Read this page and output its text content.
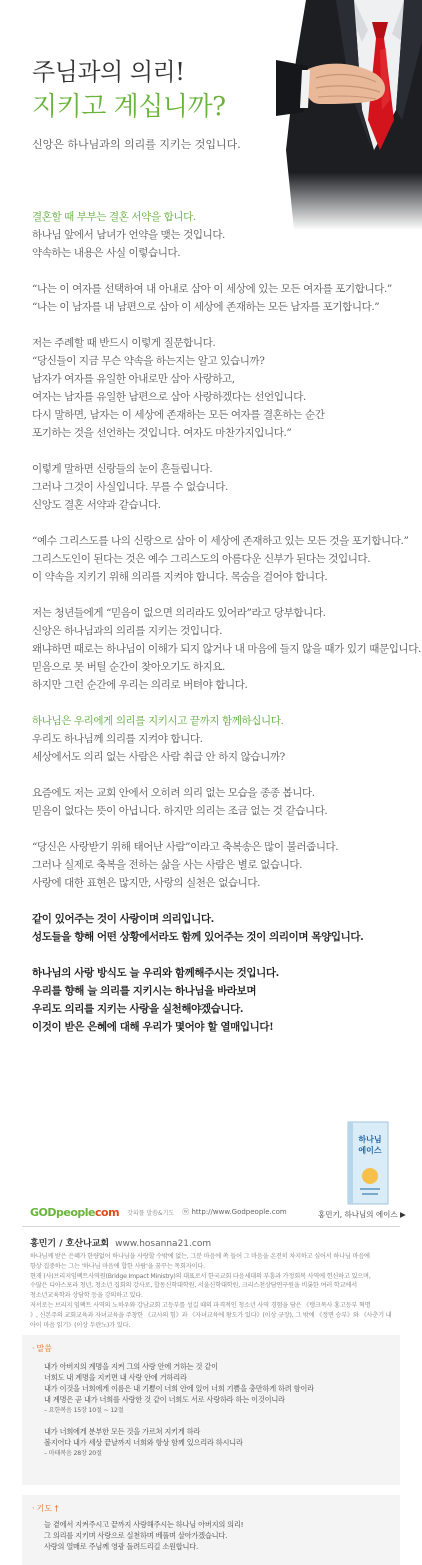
주님과의 의리!
지키고 계십니까?
신앙은 하나님과의 의리를 지키는 것입니다.

결혼할 때 부부는 결혼 서약을 합니다.
하나님 앞에서 남녀가 언약을 맺는 것입니다.
약속하는 내용은 사실 이렇습니다.

“나는 이 여자를 선택하여 내 아내로 삼아 이 세상에 있는 모든 여자를 포기합니다.”
“나는 이 남자를 내 남편으로 삼아 이 세상에 존재하는 모든 남자를 포기합니다.”

저는 주례할 때 반드시 이렇게 질문합니다.
“당신들이 지금 무슨 약속을 하는지는 알고 있습니까?
남자가 여자를 유일한 아내로만 삼아 사랑하고,
여자는 남자를 유일한 남편으로 삼아 사랑하겠다는 선언입니다.
다시 말하면, 남자는 이 세상에 존재하는 모든 여자를 결혼하는 순간
포기하는 것을 선언하는 것입니다. 여자도 마찬가지입니다.”

이렇게 말하면 신랑들의 눈이 흔들립니다.
그러나 그것이 사실입니다. 무를 수 없습니다.
신앙도 결혼 서약과 같습니다.

“예수 그리스도를 나의 신랑으로 삼아 이 세상에 존재하고 있는 모든 것을 포기합니다.”
그리스도인이 된다는 것은 예수 그리스도의 아름다운 신부가 된다는 것입니다.
이 약속을 지키기 위해 의리를 지켜야 합니다. 목숨을 걸어야 합니다.

저는 청년들에게 “믿음이 없으면 의리라도 있어라”라고 당부합니다.
신앙은 하나님과의 의리를 지키는 것입니다.
왜냐하면 때로는 하나님이 이해가 되지 않거나 내 마음에 들지 않을 때가 있기 때문입니다.
믿음으로 못 버틸 순간이 찾아오기도 하지요.
하지만 그런 순간에 우리는 의리로 버텨야 합니다.

하나님은 우리에게 의리를 지키시고 끝까지 함께하십니다.
우리도 하나님께 의리를 지켜야 합니다.
세상에서도 의리 없는 사람은 사람 취급 안 하지 않습니까?

요즘에도 저는 교회 안에서 오히려 의리 없는 모습을 종종 봅니다.
믿음이 없다는 뜻이 아닙니다. 하지만 의리는 조금 없는 것 같습니다.

“당신은 사랑받기 위해 태어난 사람”이라고 축복송은 많이 불러줍니다.
그러나 실제로 축복을 전하는 삶을 사는 사람은 별로 없습니다.
사랑에 대한 표현은 많지만, 사랑의 실천은 없습니다.

같이 있어주는 것이 사랑이며 의리입니다.
성도들을 향해 어떤 상황에서라도 함께 있어주는 것이 의리이며 목양입니다.

하나님의 사랑 방식도 늘 우리와 함께해주시는 것입니다.
우리를 향해 늘 의리를 지키시는 하나님을 바라보며
우리도 의리를 지키는 사랑을 실천해야겠습니다.
이것이 받은 은혜에 대해 우리가 몇어야 할 열매입니다!

하나님
에이스
홍민기, 하나님의 에이스 ▶
GODpeoplecom 갓피플 말씀&기도 ⓦ http://www.Godpeople.com
홍민기 / 호산나교회 www.hosanna21.com
하나님께 받은 은혜가 한량없어 하나님을 사랑할 수밖에 없는, 그분 마음에 쏙 들어 그 마음을 온전히 차지하고 싶어서 하나님 마음에
항상 집중하는 그는 '하나님 마음에 합한 사람'을 꿈꾸는 목회자이다.
현재 (사)브리지임팩트사역원(Bridge Impact Ministry)의 대표로서 한국교회 다음세대의 부흥과 가정회복 사역에 헌신하고 있으며,
수많은 디아스포라 청년, 청소년 집회의 강사로, 합동신학대학원, 서울신학대학원, 크리스천상담연구원을 비롯한 여러 학교에서
청소년교육학과 상담학 등을 강의하고 있다.
저서로는 브리지 임팩트 사역의 노하우와 강남교회 고등부를 성길 때의 파격적인 청소년 사역 경험을 담은 《탱크목사 홍고등부 혁명
》, 신본주의 교회교육과 자녀교육을 주창한 《교사의 힘》과 《자녀교육에 왕도가 있다》(이상 규장), 그 밖에 《정면 승부》와 《사춘기 내
아이 마음 읽기》(이상 두란노)가 있다.
· 말씀
내가 아버지의 계명을 지켜 그의 사랑 안에 거하는 것 같이
너희도 내 계명을 지키면 내 사랑 안에 거하리라
내가 이것을 너희에게 이름은 내 기쁨이 너희 안에 있어 너희 기쁨을 충만하게 하려 함이라
내 계명은 곧 내가 너희를 사랑한 것 같이 너희도 서로 사랑하라 하는 이것이니라
– 요한복음 15장 10절 ~ 12절
내가 너희에게 분부한 모든 것을 가르쳐 지키게 하라
볼지어다 내가 세상 끝날까지 너희와 항상 함께 있으리라 하시니라
– 마태복음 28장 20절
· 기도 †
늘 곁에서 지켜주시고 끝까지 사랑해주시는 하나님 아버지의 의리!
그 의리를 지키며 사랑으로 실천하며 베풀며 살아가겠습니다.
사랑의 열매로 주님께 영광 돌려드리길 소원합니다.
